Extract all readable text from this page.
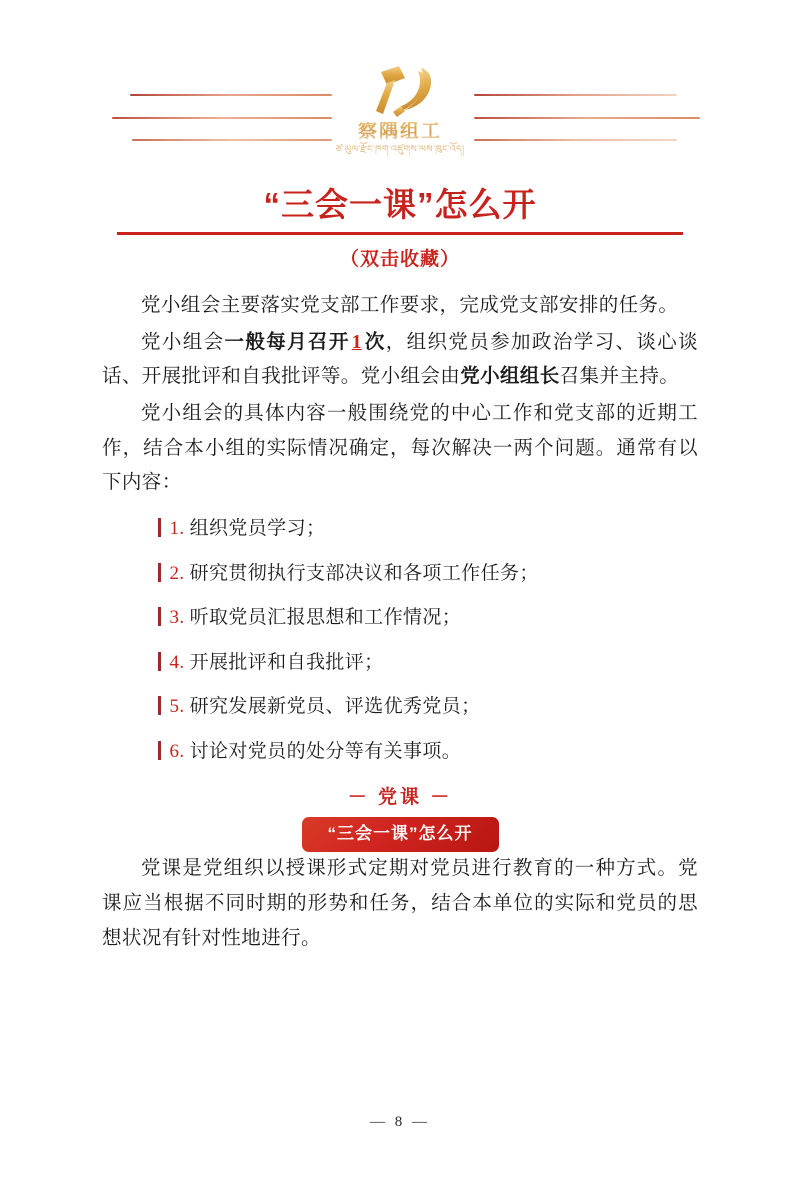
察隅组工
ཙ་ཡུལ་རྫོང་ཁག་འཛུགས་ལས་ཁུང་འོད།
“三会一课”怎么开
（双击收藏）

党小组会主要落实党支部工作要求，完成党支部安排的任务。

党小组会一般每月召开 1 次，组织党员参加政治学习、谈心谈话、开展批评和自我批评等。党小组会由党小组组长召集并主持。

党小组会的具体内容一般围绕党的中心工作和党支部的近期工作，结合本小组的实际情况确定，每次解决一两个问题。通常有以下内容：

1. 组织党员学习；
2. 研究贯彻执行支部决议和各项工作任务；
3. 听取党员汇报思想和工作情况；
4. 开展批评和自我批评；
5. 研究发展新党员、评选优秀党员；
6. 讨论对党员的处分等有关事项。
－ 党课 －
“三会一课”怎么开

党课是党组织以授课形式定期对党员进行教育的一种方式。党课应当根据不同时期的形势和任务，结合本单位的实际和党员的思想状况有针对性地进行。

— 8 —
